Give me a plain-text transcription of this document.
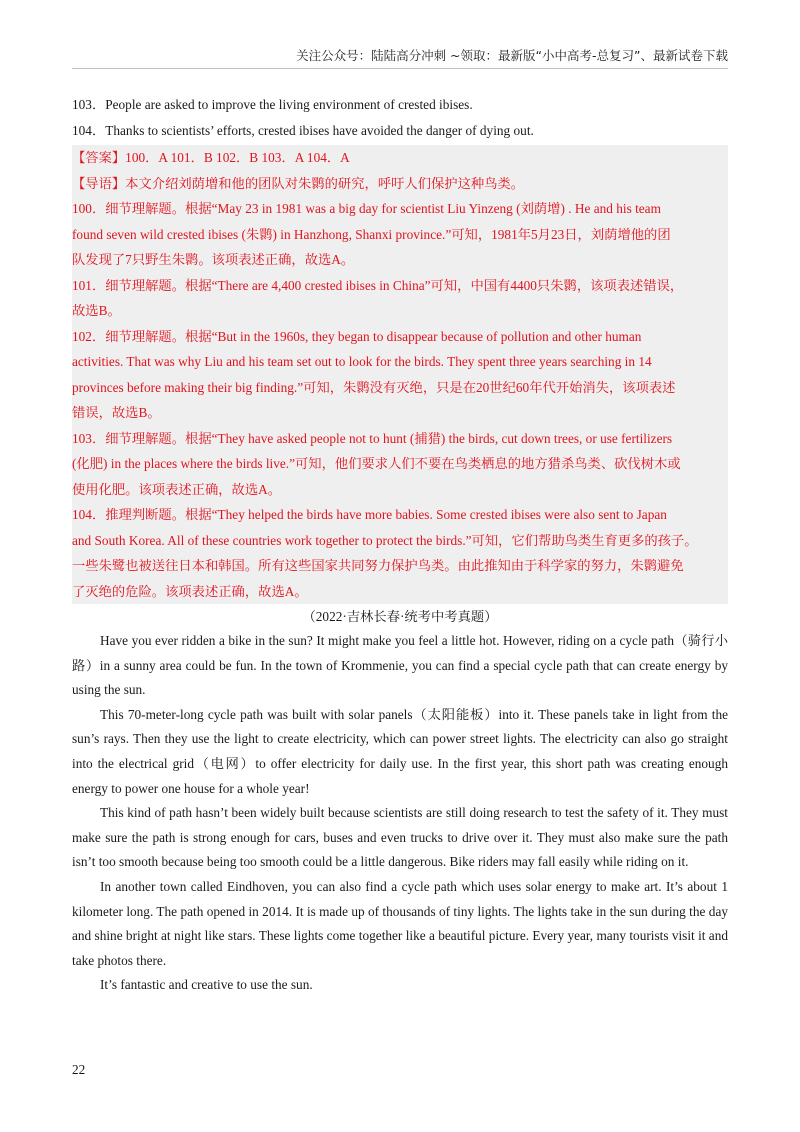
关注公众号：陆陆高分冲刺 ~领取：最新版“小中高考-总复习”、最新试卷下载
103．People are asked to improve the living environment of crested ibises.
104．Thanks to scientists’ efforts, crested ibises have avoided the danger of dying out.
【答案】100．A 101．B 102．B 103．A 104．A
【导语】本文介绍刘荫增和他的团队对朱鹮的研究，呼吁人们保护这种鸟类。
100．细节理解题。根据“May 23 in 1981 was a big day for scientist Liu Yinzeng (刘荫增) . He and his team
found seven wild crested ibises (朱鹮) in Hanzhong, Shanxi province.”可知，1981年5月23日，刘荫增他的团
队发现了7只野生朱鹮。该项表述正确，故选A。
101．细节理解题。根据“There are 4,400 crested ibises in China”可知，中国有4400只朱鹮，该项表述错误，
故选B。
102．细节理解题。根据“But in the 1960s, they began to disappear because of pollution and other human
activities. That was why Liu and his team set out to look for the birds. They spent three years searching in 14
provinces before making their big finding.”可知，朱鹮没有灭绝，只是在20世纪60年代开始消失，该项表述
错误，故选B。
103．细节理解题。根据“They have asked people not to hunt (捕猎) the birds, cut down trees, or use fertilizers
(化肥) in the places where the birds live.”可知，他们要求人们不要在鸟类栖息的地方猎杀鸟类、砍伐树木或
使用化肥。该项表述正确，故选A。
104．推理判断题。根据“They helped the birds have more babies. Some crested ibises were also sent to Japan
and South Korea. All of these countries work together to protect the birds.”可知，它们帮助鸟类生育更多的孩子。
一些朱鹭也被送往日本和韩国。所有这些国家共同努力保护鸟类。由此推知由于科学家的努力，朱鹮避免
了灭绝的危险。该项表述正确，故选A。
（2022·吉林长春·统考中考真题）

Have you ever ridden a bike in the sun? It might make you feel a little hot. However, riding on a cycle path（骑行小路）in a sunny area could be fun. In the town of Krommenie, you can find a special cycle path that can create energy by using the sun.

This 70-meter-long cycle path was built with solar panels（太阳能板）into it. These panels take in light from the sun’s rays. Then they use the light to create electricity, which can power street lights. The electricity can also go straight into the electrical grid（电网）to offer electricity for daily use. In the first year, this short path was creating enough energy to power one house for a whole year!

This kind of path hasn’t been widely built because scientists are still doing research to test the safety of it. They must make sure the path is strong enough for cars, buses and even trucks to drive over it. They must also make sure the path isn’t too smooth because being too smooth could be a little dangerous. Bike riders may fall easily while riding on it.

In another town called Eindhoven, you can also find a cycle path which uses solar energy to make art. It’s about 1 kilometer long. The path opened in 2014. It is made up of thousands of tiny lights. The lights take in the sun during the day and shine bright at night like stars. These lights come together like a beautiful picture. Every year, many tourists visit it and take photos there.

It’s fantastic and creative to use the sun.

22
